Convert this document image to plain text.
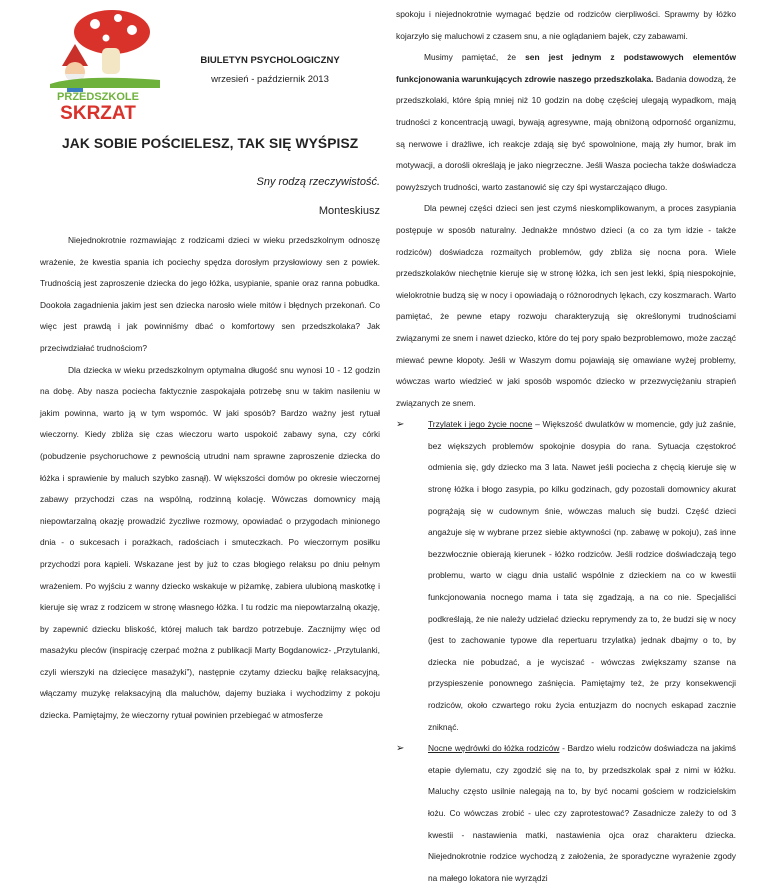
PRZEDSZKOLE
SKRZAT
BIULETYN PSYCHOLOGICZNY
wrzesień - październik 2013
JAK SOBIE POŚCIELESZ, TAK SIĘ WYŚPISZ
Sny rodzą rzeczywistość.
Monteskiusz

Niejednokrotnie rozmawiając z rodzicami dzieci w wieku przedszkolnym odnoszę wrażenie, że kwestia spania ich pociechy spędza dorosłym przysłowiowy sen z powiek. Trudnością jest zaproszenie dziecka do jego łóżka, usypianie, spanie oraz ranna pobudka. Dookoła zagadnienia jakim jest sen dziecka narosło wiele mitów i błędnych przekonań. Co więc jest prawdą i jak powinniśmy dbać o komfortowy sen przedszkolaka? Jak przeciwdziałać trudnościom?

Dla dziecka w wieku przedszkolnym optymalna długość snu wynosi 10 - 12 godzin na dobę. Aby nasza pociecha faktycznie zaspokajała potrzebę snu w takim nasileniu w jakim powinna, warto ją w tym wspomóc. W jaki sposób? Bardzo ważny jest rytuał wieczorny. Kiedy zbliża się czas wieczoru warto uspokoić zabawy syna, czy córki (pobudzenie psychoruchowe z pewnością utrudni nam sprawne zaproszenie dziecka do łóżka i sprawienie by maluch szybko zasnął). W większości domów po okresie wieczornej zabawy przychodzi czas na wspólną, rodzinną kolację. Wówczas domownicy mają niepowtarzalną okazję prowadzić życzliwe rozmowy, opowiadać o przygodach minionego dnia - o sukcesach i porażkach, radościach i smuteczkach. Po wieczornym posiłku przychodzi pora kąpieli. Wskazane jest by już to czas błogiego relaksu po dniu pełnym wrażeniem. Po wyjściu z wanny dziecko wskakuje w piżamkę, zabiera ulubioną maskotkę i kieruje się wraz z rodzicem w stronę własnego łóżka. I tu rodzic ma niepowtarzalną okazję, by zapewnić dziecku bliskość, której maluch tak bardzo potrzebuje. Zacznijmy więc od masażyku pleców (inspirację czerpać można z publikacji Marty Bogdanowicz- „Przytulanki, czyli wierszyki na dziecięce masażyki”), następnie czytamy dziecku bajkę relaksacyjną, włączamy muzykę relaksacyjną dla maluchów, dajemy buziaka i wychodzimy z pokoju dziecka. Pamiętajmy, że wieczorny rytuał powinien przebiegać w atmosferze

spokoju i niejednokrotnie wymagać będzie od rodziców cierpliwości. Sprawmy by łóżko kojarzyło się maluchowi z czasem snu, a nie oglądaniem bajek, czy zabawami.

Musimy pamiętać, że sen jest jednym z podstawowych elementów funkcjonowania warunkujących zdrowie naszego przedszkolaka. Badania dowodzą, że przedszkolaki, które śpią mniej niż 10 godzin na dobę częściej ulegają wypadkom, mają trudności z koncentracją uwagi, bywają agresywne, mają obniżoną odporność organizmu, są nerwowe i drażliwe, ich reakcje zdają się być spowolnione, mają zły humor, brak im motywacji, a dorośli określają je jako niegrzeczne. Jeśli Wasza pociecha także doświadcza powyższych trudności, warto zastanowić się czy śpi wystarczająco długo.

Dla pewnej części dzieci sen jest czymś nieskomplikowanym, a proces zasypiania postępuje w sposób naturalny. Jednakże mnóstwo dzieci (a co za tym idzie - także rodziców) doświadcza rozmaitych problemów, gdy zbliża się nocna pora. Wiele przedszkolaków niechętnie kieruje się w stronę łóżka, ich sen jest lekki, śpią niespokojnie, wielokrotnie budzą się w nocy i opowiadają o różnorodnych lękach, czy koszmarach. Warto pamiętać, że pewne etapy rozwoju charakteryzują się określonymi trudnościami związanymi ze snem i nawet dziecko, które do tej pory spało bezproblemowo, może zacząć miewać pewne kłopoty. Jeśli w Waszym domu pojawiają się omawiane wyżej problemy, wówczas warto wiedzieć w jaki sposób wspomóc dziecko w przezwyciężaniu strapień związanych ze snem.

➢	Trzylatek i jego życie nocne – Większość dwulatków w momencie, gdy już zaśnie, bez większych problemów spokojnie dosypia do rana. Sytuacja częstokroć odmienia się, gdy dziecko ma 3 lata. Nawet jeśli pociecha z chęcią kieruje się w stronę łóżka i błogo zasypia, po kilku godzinach, gdy pozostali domownicy akurat pogrążają się w cudownym śnie, wówczas maluch się budzi. Część dzieci angażuje się w wybrane przez siebie aktywności (np. zabawę w pokoju), zaś inne bezzwłocznie obierają kierunek - łóżko rodziców. Jeśli rodzice doświadczają tego problemu, warto w ciągu dnia ustalić wspólnie z dzieckiem na co w kwestii funkcjonowania nocnego mama i tata się zgadzają, a na co nie. Specjaliści podkreślają, że nie należy udzielać dziecku reprymendy za to, że budzi się w nocy (jest to zachowanie typowe dla repertuaru trzylatka) jednak dbajmy o to, by dziecka nie pobudzać, a je wyciszać - wówczas zwiększamy szanse na przyspieszenie ponownego zaśnięcia. Pamiętajmy też, że przy konsekwencji rodziców, około czwartego roku życia entuzjazm do nocnych eskapad zacznie zniknąć.

➢	Nocne wędrówki do łóżka rodziców - Bardzo wielu rodziców doświadcza na jakimś etapie dylematu, czy zgodzić się na to, by przedszkolak spał z nimi w łóżku. Maluchy często usilnie nalegają na to, by być nocami gościem w rodzicielskim łożu. Co wówczas zrobić - ulec czy zaprotestować? Zasadnicze zależy to od 3 kwestii - nastawienia matki, nastawienia ojca oraz charakteru dziecka. Niejednokrotnie rodzice wychodzą z założenia, że sporadyczne wyrażenie zgody na małego lokatora nie wyrządzi
